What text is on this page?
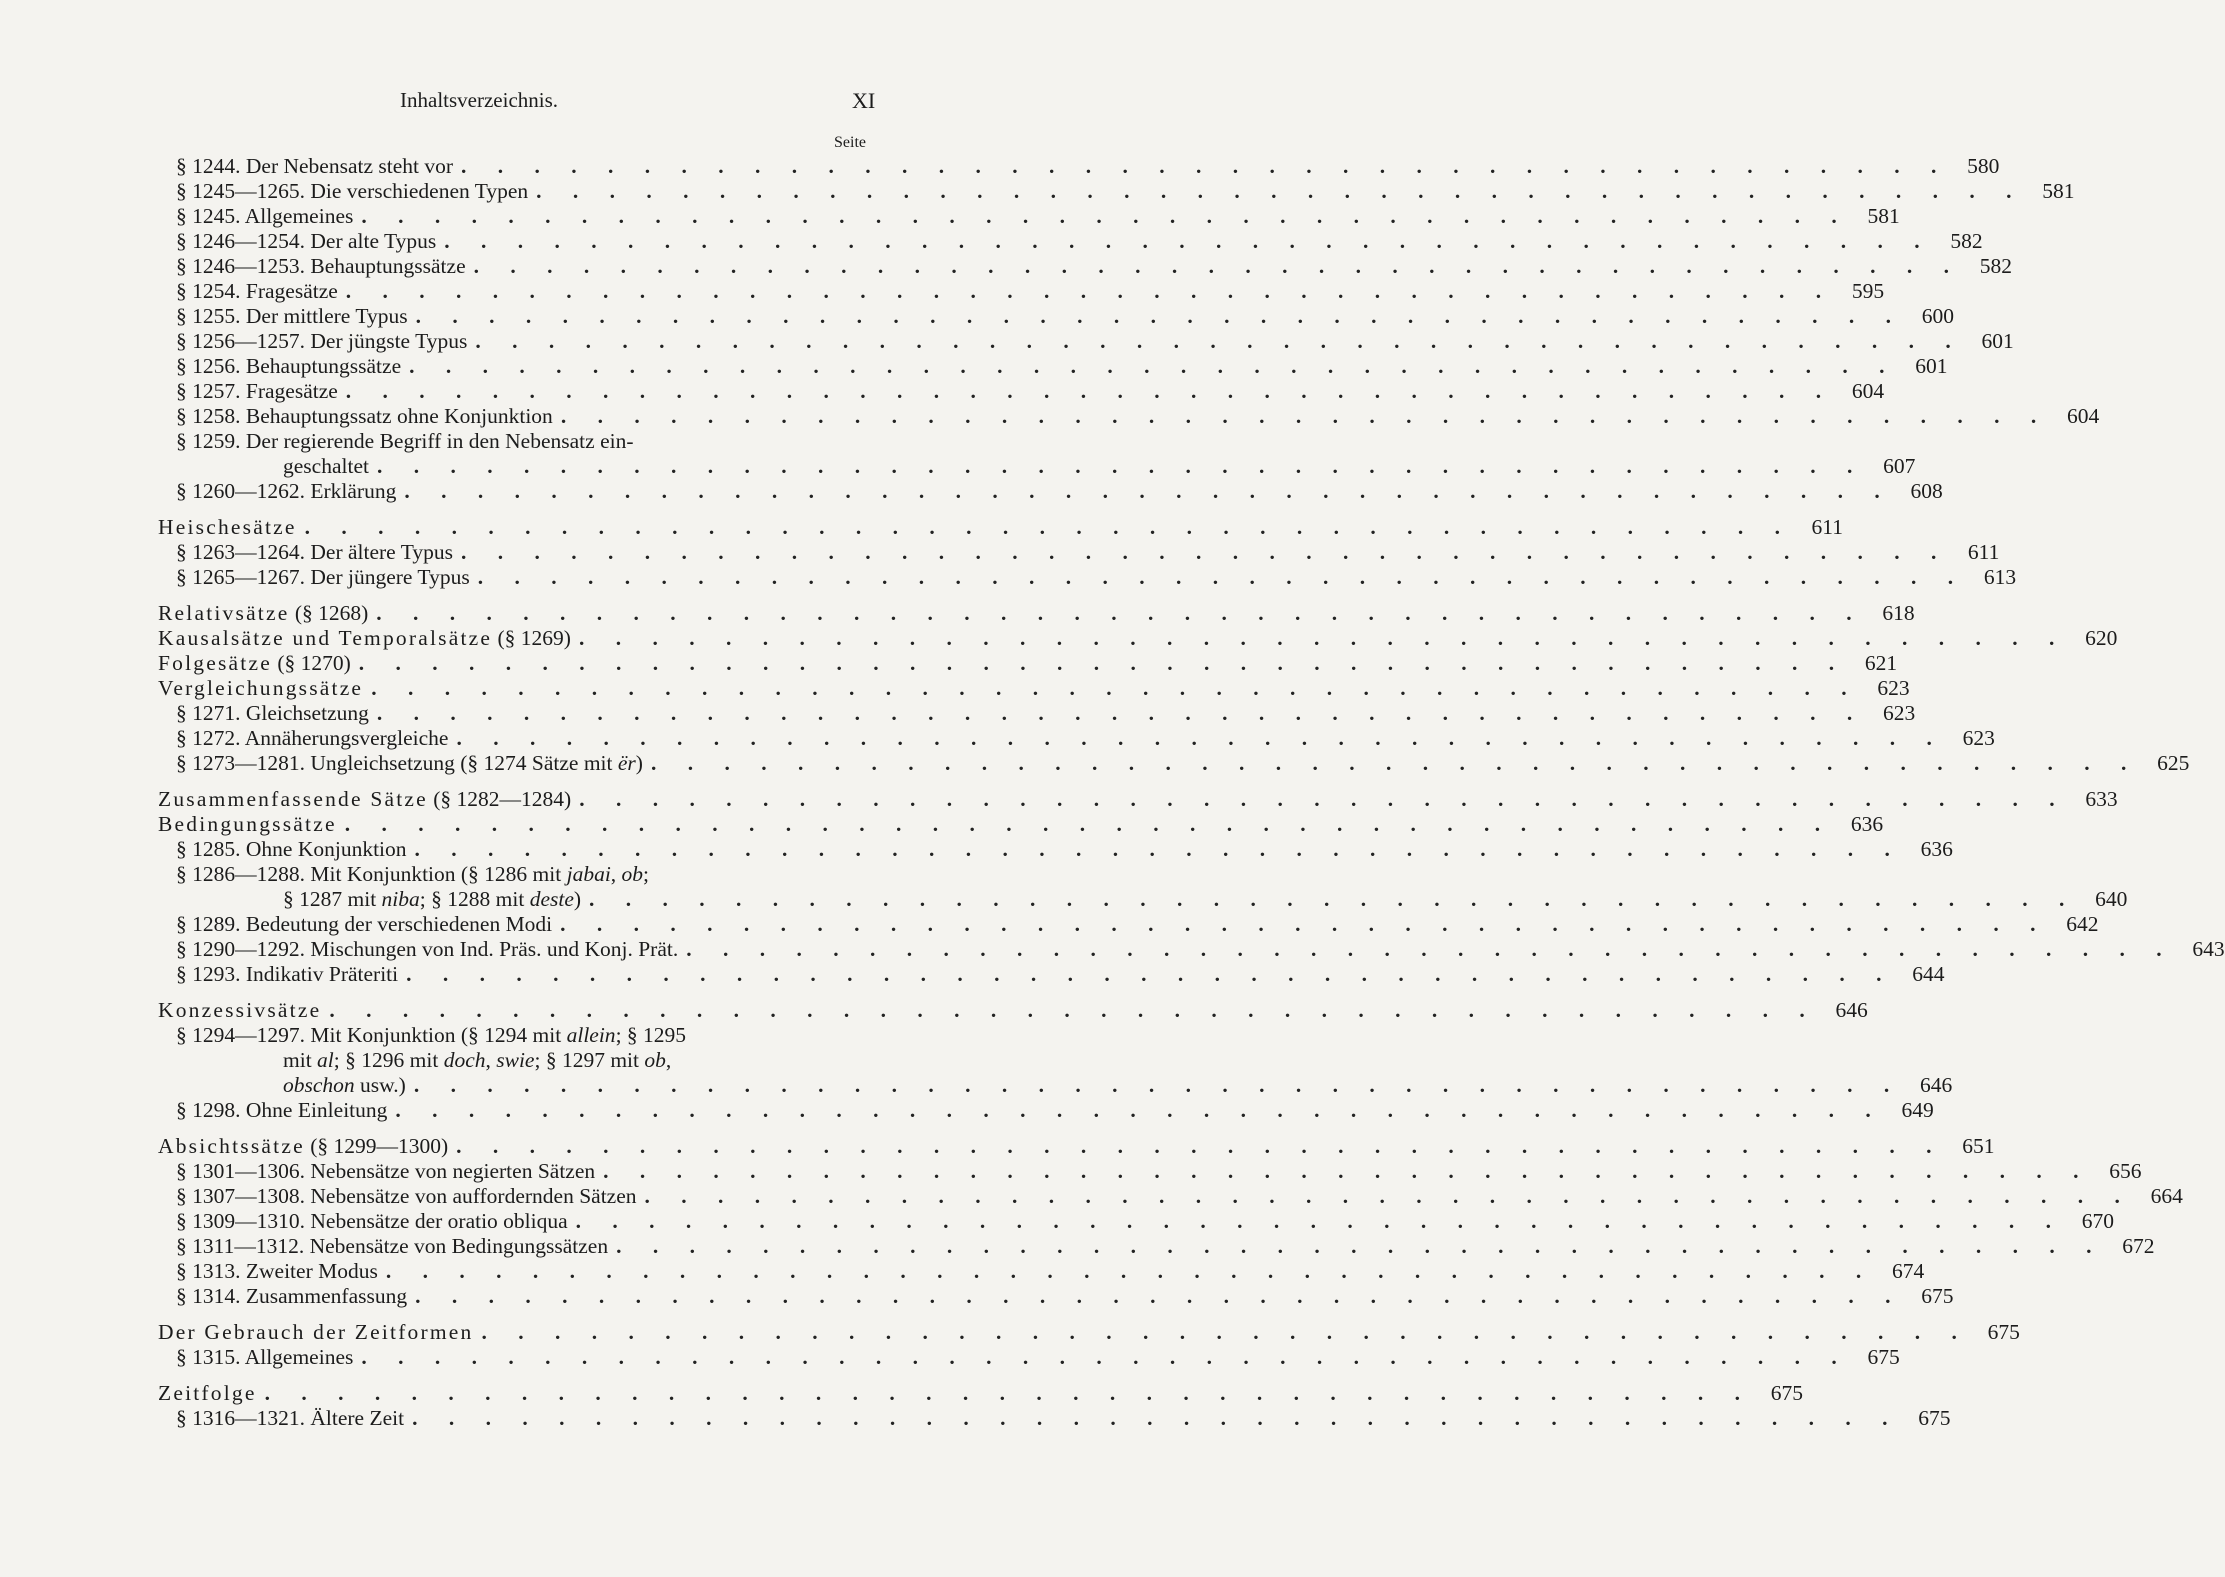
Inhaltsverzeichnis.	XI
Seite
§ 1244. Der Nebensatz steht vor . . . . . . . . . . . . . . . . . . . . . . . . . . . . . . . . . . . . . . . . . 580
§ 1245—1265. Die verschiedenen Typen . . . . . . . . . . . . . . . . . . . . . . . . . . . . . . . . . . . . . . . . . 581
§ 1245. Allgemeines . . . . . . . . . . . . . . . . . . . . . . . . . . . . . . . . . . . . . . . . . 581
§ 1246—1254. Der alte Typus . . . . . . . . . . . . . . . . . . . . . . . . . . . . . . . . . . . . . . . . . 582
§ 1246—1253. Behauptungssätze . . . . . . . . . . . . . . . . . . . . . . . . . . . . . . . . . . . . . . . . . 582
§ 1254. Fragesätze . . . . . . . . . . . . . . . . . . . . . . . . . . . . . . . . . . . . . . . . . 595
§ 1255. Der mittlere Typus . . . . . . . . . . . . . . . . . . . . . . . . . . . . . . . . . . . . . . . . . 600
§ 1256—1257. Der jüngste Typus . . . . . . . . . . . . . . . . . . . . . . . . . . . . . . . . . . . . . . . . . 601
§ 1256. Behauptungssätze . . . . . . . . . . . . . . . . . . . . . . . . . . . . . . . . . . . . . . . . . 601
§ 1257. Fragesätze . . . . . . . . . . . . . . . . . . . . . . . . . . . . . . . . . . . . . . . . . 604
§ 1258. Behauptungssatz ohne Konjunktion . . . . . . . . . . . . . . . . . . . . . . . . . . . . . . . . . . . . . . . . . 604
§ 1259. Der regierende Begriff in den Nebensatz ein-
geschaltet . . . . . . . . . . . . . . . . . . . . . . . . . . . . . . . . . . . . . . . . . 607
§ 1260—1262. Erklärung . . . . . . . . . . . . . . . . . . . . . . . . . . . . . . . . . . . . . . . . . 608
Heischesätze . . . . . . . . . . . . . . . . . . . . . . . . . . . . . . . . . . . . . . . . . 611
§ 1263—1264. Der ältere Typus . . . . . . . . . . . . . . . . . . . . . . . . . . . . . . . . . . . . . . . . . 611
§ 1265—1267. Der jüngere Typus . . . . . . . . . . . . . . . . . . . . . . . . . . . . . . . . . . . . . . . . . 613
Relativsätze (§ 1268) . . . . . . . . . . . . . . . . . . . . . . . . . . . . . . . . . . . . . . . . . 618
Kausalsätze und Temporalsätze (§ 1269) . . . . . . . . . . . . . . . . . . . . . . . . . . . . . . . . . . . . . . . . . 620
Folgesätze (§ 1270) . . . . . . . . . . . . . . . . . . . . . . . . . . . . . . . . . . . . . . . . . 621
Vergleichungssätze . . . . . . . . . . . . . . . . . . . . . . . . . . . . . . . . . . . . . . . . . 623
§ 1271. Gleichsetzung . . . . . . . . . . . . . . . . . . . . . . . . . . . . . . . . . . . . . . . . . 623
§ 1272. Annäherungsvergleiche . . . . . . . . . . . . . . . . . . . . . . . . . . . . . . . . . . . . . . . . . 623
§ 1273—1281. Ungleichsetzung (§ 1274 Sätze mit ër) . . . . . . . . . . . . . . . . . . . . . . . . . . . . . . . . . . . . . . . . . 625
Zusammenfassende Sätze (§ 1282—1284) . . . . . . . . . . . . . . . . . . . . . . . . . . . . . . . . . . . . . . . . . 633
Bedingungssätze . . . . . . . . . . . . . . . . . . . . . . . . . . . . . . . . . . . . . . . . . 636
§ 1285. Ohne Konjunktion . . . . . . . . . . . . . . . . . . . . . . . . . . . . . . . . . . . . . . . . . 636
§ 1286—1288. Mit Konjunktion (§ 1286 mit jabai, ob;
§ 1287 mit niba; § 1288 mit deste) . . . . . . . . . . . . . . . . . . . . . . . . . . . . . . . . . . . . . . . . . 640
§ 1289. Bedeutung der verschiedenen Modi . . . . . . . . . . . . . . . . . . . . . . . . . . . . . . . . . . . . . . . . . 642
§ 1290—1292. Mischungen von Ind. Präs. und Konj. Prät. . . . . . . . . . . . . . . . . . . . . . . . . . . . . . . . . . . . . . . . . . 643
§ 1293. Indikativ Präteriti . . . . . . . . . . . . . . . . . . . . . . . . . . . . . . . . . . . . . . . . . 644
Konzessivsätze . . . . . . . . . . . . . . . . . . . . . . . . . . . . . . . . . . . . . . . . . 646
§ 1294—1297. Mit Konjunktion (§ 1294 mit allein; § 1295
mit al; § 1296 mit doch, swie; § 1297 mit ob,
obschon usw.) . . . . . . . . . . . . . . . . . . . . . . . . . . . . . . . . . . . . . . . . . 646
§ 1298. Ohne Einleitung . . . . . . . . . . . . . . . . . . . . . . . . . . . . . . . . . . . . . . . . . 649
Absichtssätze (§ 1299—1300) . . . . . . . . . . . . . . . . . . . . . . . . . . . . . . . . . . . . . . . . . 651
§ 1301—1306. Nebensätze von negierten Sätzen . . . . . . . . . . . . . . . . . . . . . . . . . . . . . . . . . . . . . . . . . 656
§ 1307—1308. Nebensätze von auffordernden Sätzen . . . . . . . . . . . . . . . . . . . . . . . . . . . . . . . . . . . . . . . . . 664
§ 1309—1310. Nebensätze der oratio obliqua . . . . . . . . . . . . . . . . . . . . . . . . . . . . . . . . . . . . . . . . . 670
§ 1311—1312. Nebensätze von Bedingungssätzen . . . . . . . . . . . . . . . . . . . . . . . . . . . . . . . . . . . . . . . . . 672
§ 1313. Zweiter Modus . . . . . . . . . . . . . . . . . . . . . . . . . . . . . . . . . . . . . . . . . 674
§ 1314. Zusammenfassung . . . . . . . . . . . . . . . . . . . . . . . . . . . . . . . . . . . . . . . . . 675
Der Gebrauch der Zeitformen . . . . . . . . . . . . . . . . . . . . . . . . . . . . . . . . . . . . . . . . . 675
§ 1315. Allgemeines . . . . . . . . . . . . . . . . . . . . . . . . . . . . . . . . . . . . . . . . . 675
Zeitfolge . . . . . . . . . . . . . . . . . . . . . . . . . . . . . . . . . . . . . . . . . 675
§ 1316—1321. Ältere Zeit . . . . . . . . . . . . . . . . . . . . . . . . . . . . . . . . . . . . . . . . . 675
